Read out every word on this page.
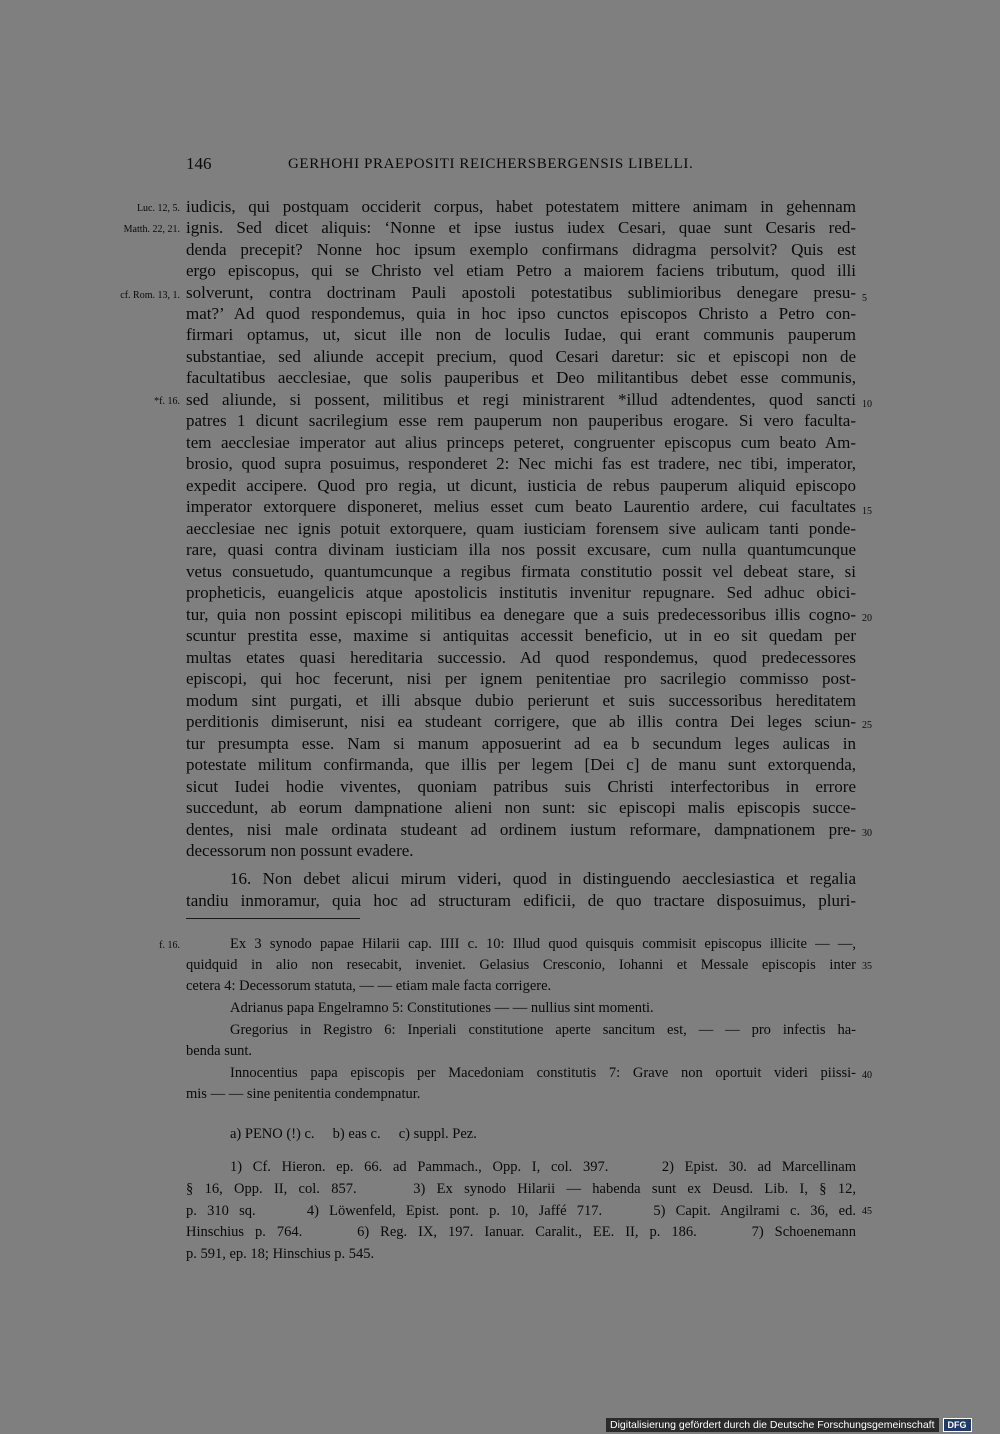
146	GERHOHI PRAEPOSITI REICHERSBERGENSIS LIBELLI.
Luc. 12, 5.
Matth. 22, 21.
cf. Rom. 13, 1.
*f. 16.
f. 16.
5
10
15
20
25
30
35
40
45
iudicis, qui postquam occiderit corpus, habet potestatem mittere animam in gehennam
ignis. Sed dicet aliquis: ‘Nonne et ipse iustus iudex Cesari, quae sunt Cesaris red-
denda precepit? Nonne hoc ipsum exemplo confirmans didragma persolvit? Quis est
ergo episcopus, qui se Christo vel etiam Petro a maiorem faciens tributum, quod illi
solverunt, contra doctrinam Pauli apostoli potestatibus sublimioribus denegare presu-
mat?’ Ad quod respondemus, quia in hoc ipso cunctos episcopos Christo a Petro con-
firmari optamus, ut, sicut ille non de loculis Iudae, qui erant communis pauperum
substantiae, sed aliunde accepit precium, quod Cesari daretur: sic et episcopi non de
facultatibus aecclesiae, que solis pauperibus et Deo militantibus debet esse communis,
sed aliunde, si possent, militibus et regi ministrarent *illud adtendentes, quod sancti
patres 1 dicunt sacrilegium esse rem pauperum non pauperibus erogare. Si vero faculta-
tem aecclesiae imperator aut alius princeps peteret, congruenter episcopus cum beato Am-
brosio, quod supra posuimus, responderet 2: Nec michi fas est tradere, nec tibi, imperator,
expedit accipere. Quod pro regia, ut dicunt, iusticia de rebus pauperum aliquid episcopo
imperator extorquere disponeret, melius esset cum beato Laurentio ardere, cui facultates
aecclesiae nec ignis potuit extorquere, quam iusticiam forensem sive aulicam tanti ponde-
rare, quasi contra divinam iusticiam illa nos possit excusare, cum nulla quantumcunque
vetus consuetudo, quantumcunque a regibus firmata constitutio possit vel debeat stare, si
propheticis, euangelicis atque apostolicis institutis invenitur repugnare. Sed adhuc obici-
tur, quia non possint episcopi militibus ea denegare que a suis predecessoribus illis cogno-
scuntur prestita esse, maxime si antiquitas accessit beneficio, ut in eo sit quedam per
multas etates quasi hereditaria successio. Ad quod respondemus, quod predecessores
episcopi, qui hoc fecerunt, nisi per ignem penitentiae pro sacrilegio commisso post-
modum sint purgati, et illi absque dubio perierunt et suis successoribus hereditatem
perditionis dimiserunt, nisi ea studeant corrigere, que ab illis contra Dei leges sciun-
tur presumpta esse. Nam si manum apposuerint ad ea b secundum leges aulicas in
potestate militum confirmanda, que illis per legem [Dei c] de manu sunt extorquenda,
sicut Iudei hodie viventes, quoniam patribus suis Christi interfectoribus in errore
succedunt, ab eorum dampnatione alieni non sunt: sic episcopi malis episcopis succe-
dentes, nisi male ordinata studeant ad ordinem iustum reformare, dampnationem pre-
decessorum non possunt evadere.
16. Non debet alicui mirum videri, quod in distinguendo aecclesiastica et regalia
tandiu inmoramur, quia hoc ad structuram edificii, de quo tractare disposuimus, pluri-
Ex 3 synodo papae Hilarii cap. IIII c. 10: Illud quod quisquis commisit episcopus illicite — —,
quidquid in alio non resecabit, inveniet. Gelasius Cresconio, Iohanni et Messale episcopis inter
cetera 4: Decessorum statuta, — — etiam male facta corrigere.
Adrianus papa Engelramno 5: Constitutiones — — nullius sint momenti.
Gregorius in Registro 6: Inperiali constitutione aperte sancitum est, — — pro infectis ha-
benda sunt.
Innocentius papa episcopis per Macedoniam constitutis 7: Grave non oportuit videri piissi-
mis — — sine penitentia condempnatur.
a) PENO (!) c.     b) eas c.     c) suppl. Pez.
1) Cf. Hieron. ep. 66. ad Pammach., Opp. I, col. 397.     2) Epist. 30. ad Marcellinam
§ 16, Opp. II, col. 857.     3) Ex synodo Hilarii — habenda sunt ex Deusd. Lib. I, § 12,
p. 310 sq.     4) Löwenfeld, Epist. pont. p. 10, Jaffé 717.     5) Capit. Angilrami c. 36, ed.
Hinschius p. 764.     6) Reg. IX, 197. Ianuar. Caralit., EE. II, p. 186.     7) Schoenemann
p. 591, ep. 18; Hinschius p. 545.
Digitalisierung gefördert durch die Deutsche Forschungsgemeinschaft	DFG
